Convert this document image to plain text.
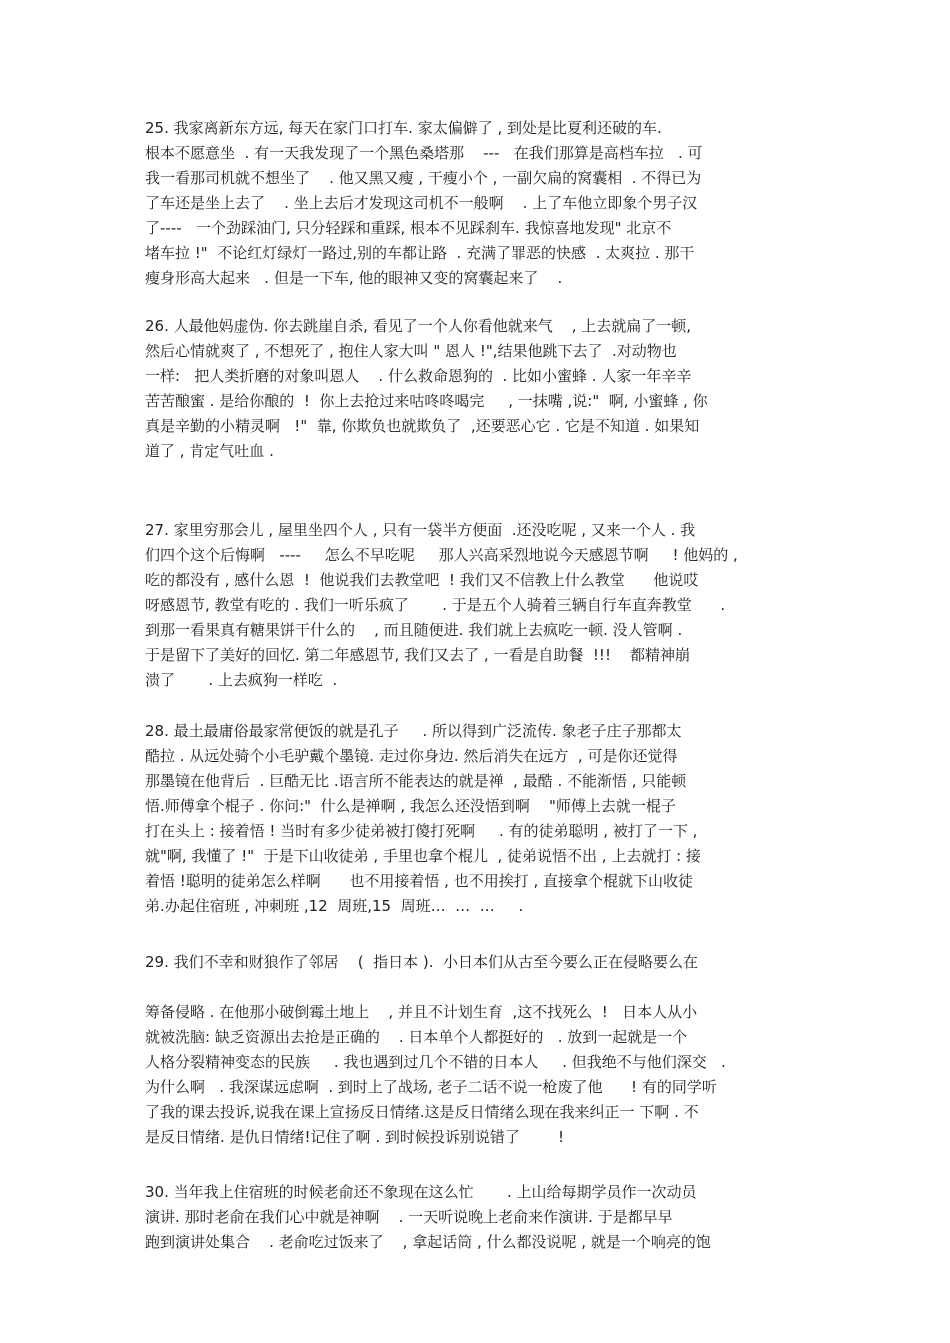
25. 我家离新东方远, 每天在家门口打车. 家太偏僻了 , 到处是比夏利还破的车.
根本不愿意坐  . 有一天我发现了一个黑色桑塔那    ---   在我们那算是高档车拉   . 可
我一看那司机就不想坐了    . 他又黑又瘦 , 干瘦小个 , 一副欠扁的窝囊相  . 不得已为
了车还是坐上去了    . 坐上去后才发现这司机不一般啊    . 上了车他立即象个男子汉
了----   一个劲踩油门, 只分轻踩和重踩, 根本不见踩刹车. 我惊喜地发现" 北京不
堵车拉 !"  不论红灯绿灯一路过,别的车都让路  . 充满了罪恶的快感  . 太爽拉 . 那干
瘦身形高大起来   . 但是一下车, 他的眼神又变的窝囊起来了    .
26. 人最他妈虚伪. 你去跳崖自杀, 看见了一个人你看他就来气    , 上去就扁了一顿,
然后心情就爽了 , 不想死了 , 抱住人家大叫 " 恩人 !",结果他跳下去了  .对动物也
一样:   把人类折磨的对象叫恩人    . 什么救命恩狗的  . 比如小蜜蜂 . 人家一年辛辛
苦苦酿蜜 . 是给你酿的  !  你上去抢过来咕咚咚喝完     , 一抹嘴 ,说:"  啊, 小蜜蜂 , 你
真是辛勤的小精灵啊   !"  靠, 你欺负也就欺负了  ,还要恶心它 . 它是不知道 . 如果知
道了 , 肯定气吐血 .
27. 家里穷那会儿 , 屋里坐四个人 , 只有一袋半方便面  .还没吃呢 , 又来一个人 . 我
们四个这个后悔啊   ----     怎么不早吃呢     那人兴高采烈地说今天感恩节啊     ! 他妈的 ,
吃的都没有 , 感什么恩  !  他说我们去教堂吧  ! 我们又不信教上什么教堂      他说哎
呀感恩节, 教堂有吃的 . 我们一听乐疯了       . 于是五个人骑着三辆自行车直奔教堂      .
到那一看果真有糖果饼干什么的    , 而且随便进. 我们就上去疯吃一顿. 没人管啊 .
于是留下了美好的回忆. 第二年感恩节, 我们又去了 , 一看是自助餐  !!!    都精神崩
溃了       . 上去疯狗一样吃  .
28. 最土最庸俗最家常便饭的就是孔子     . 所以得到广泛流传. 象老子庄子那都太
酷拉 . 从远处骑个小毛驴戴个墨镜. 走过你身边. 然后消失在远方  , 可是你还觉得
那墨镜在他背后  . 巨酷无比 .语言所不能表达的就是禅  , 最酷 . 不能渐悟 , 只能顿
悟.师傅拿个棍子 . 你问:"  什么是禅啊 , 我怎么还没悟到啊    "师傅上去就一棍子
打在头上 : 接着悟 ! 当时有多少徒弟被打傻打死啊     . 有的徒弟聪明 , 被打了一下 ,
就"啊, 我懂了 !"  于是下山收徒弟 , 手里也拿个棍儿  , 徒弟说悟不出 , 上去就打 : 接
着悟 !聪明的徒弟怎么样啊      也不用接着悟 , 也不用挨打 , 直接拿个棍就下山收徒
弟.办起住宿班 , 冲刺班 ,12  周班,15  周班…  …  …     .
29. 我们不幸和财狼作了邻居    (  指日本 ).  小日本们从古至今要么正在侵略要么在
筹备侵略 . 在他那小破倒霉土地上    , 并且不计划生育  ,这不找死么  !   日本人从小
就被洗脑: 缺乏资源出去抢是正确的    . 日本单个人都挺好的   . 放到一起就是一个
人格分裂精神变态的民族     . 我也遇到过几个不错的日本人     . 但我绝不与他们深交   .
为什么啊   . 我深谋远虑啊  . 到时上了战场, 老子二话不说一枪废了他      ! 有的同学听
了我的课去投诉,说我在课上宣扬反日情绪.这是反日情绪么现在我来纠正一 下啊 . 不
是反日情绪. 是仇日情绪!记住了啊 . 到时候投诉别说错了        !
30. 当年我上住宿班的时候老俞还不象现在这么忙       . 上山给每期学员作一次动员
演讲. 那时老俞在我们心中就是神啊    . 一天听说晚上老俞来作演讲. 于是都早早
跑到演讲处集合    . 老俞吃过饭来了    , 拿起话筒 , 什么都没说呢 , 就是一个响亮的饱
